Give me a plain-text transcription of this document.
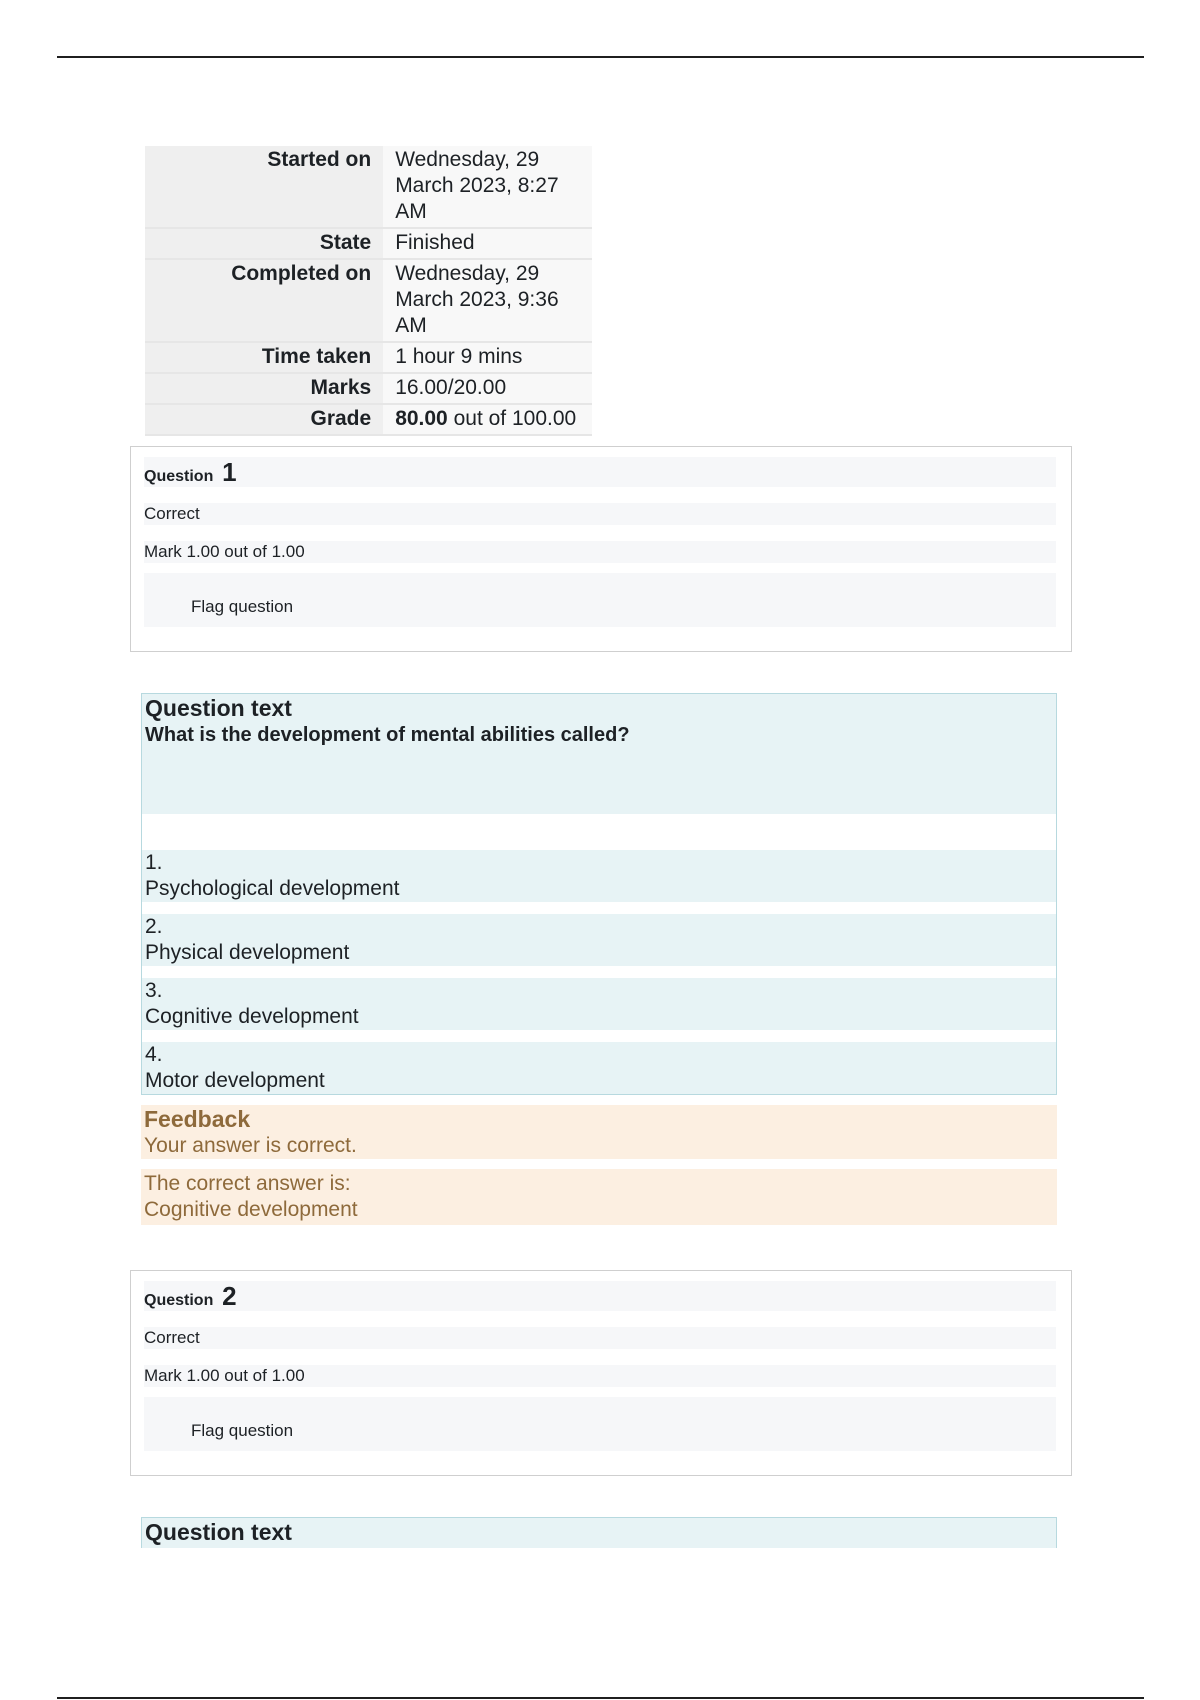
Started on	Wednesday, 29 March 2023, 8:27 AM
State	Finished
Completed on	Wednesday, 29 March 2023, 9:36 AM
Time taken	1 hour 9 mins
Marks	16.00/20.00
Grade	80.00 out of 100.00
Question 1
Correct
Mark 1.00 out of 1.00
Flag question
Question text
What is the development of mental abilities called?
1.
Psychological development
2.
Physical development
3.
Cognitive development
4.
Motor development
Feedback
Your answer is correct.
The correct answer is:
Cognitive development
Question 2
Correct
Mark 1.00 out of 1.00
Flag question
Question text
